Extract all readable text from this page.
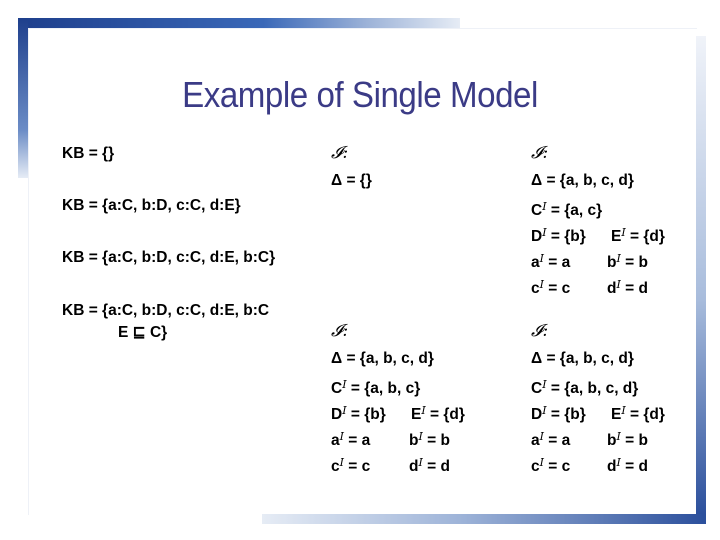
Example of Single Model
KB = {}
KB = {a:C, b:D, c:C, d:E}
KB = {a:C, b:D, c:C, d:E, b:C}
KB = {a:C, b:D, c:C, d:E, b:C
E ⊑ C}
𝓘:
Δ = {}
𝓘:
Δ = {a, b, c, d}
$C^I = \{a$, c}
$D^I = \{b\} E^I = \{d\}$
$a^I = a$ $b^I = b$
$c^I = c$ $d^I = d$
𝓘:
Δ = {a, b, c, d}
$C^I = \{a$, b, c}
$D^I = \{b\} E^I = \{d\}$
$a^I = a$ $b^I = b$
$c^I = c$ $d^I = d$
𝓘:
Δ = {a, b, c, d}
$C^I = \{a$, b, c, d}
$D^I = \{b\} E^I = \{d\}$
$a^I = a$ $b^I = b$
$c^I = c$ $d^I = d$
